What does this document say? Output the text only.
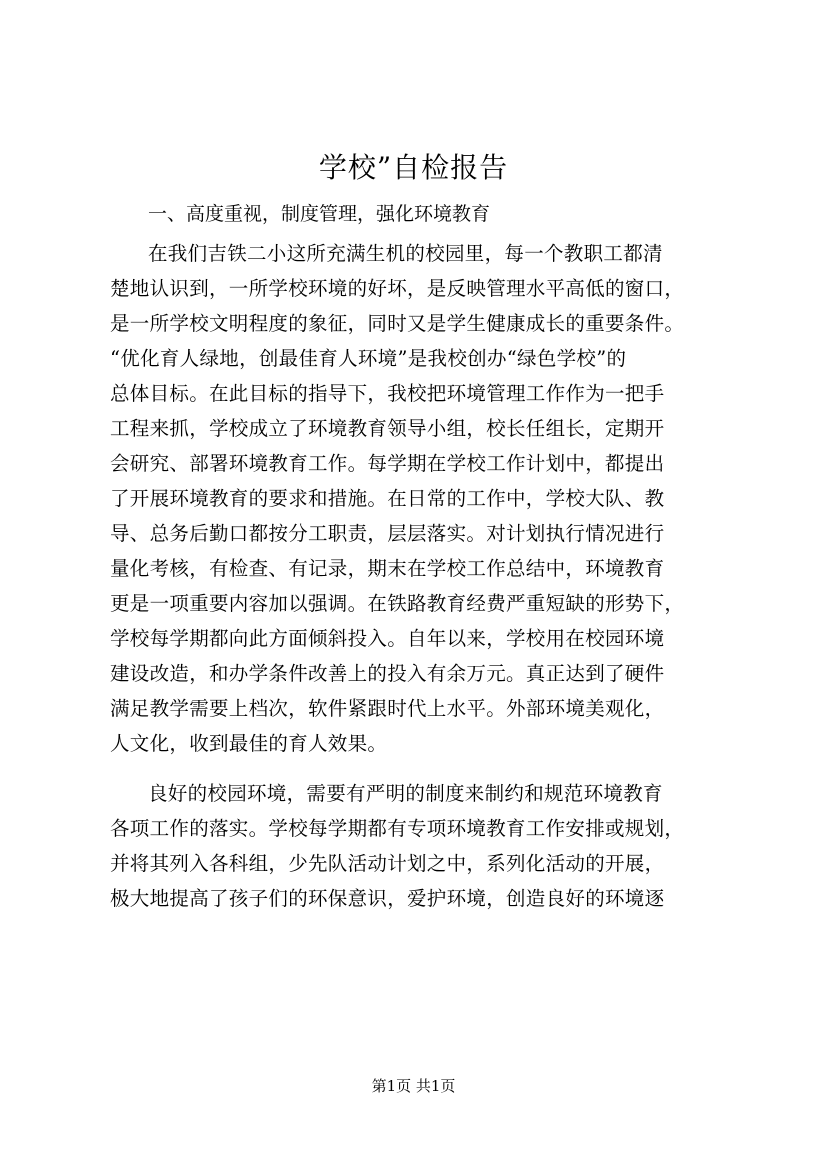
学校”自检报告
一、高度重视，制度管理，强化环境教育
在我们吉铁二小这所充满生机的校园里，每一个教职工都清
楚地认识到，一所学校环境的好坏，是反映管理水平高低的窗口，
是一所学校文明程度的象征，同时又是学生健康成长的重要条件。
“优化育人绿地，创最佳育人环境”是我校创办“绿色学校”的
总体目标。在此目标的指导下，我校把环境管理工作作为一把手
工程来抓，学校成立了环境教育领导小组，校长任组长，定期开
会研究、部署环境教育工作。每学期在学校工作计划中，都提出
了开展环境教育的要求和措施。在日常的工作中，学校大队、教
导、总务后勤口都按分工职责，层层落实。对计划执行情况进行
量化考核，有检查、有记录，期末在学校工作总结中，环境教育
更是一项重要内容加以强调。在铁路教育经费严重短缺的形势下，
学校每学期都向此方面倾斜投入。自年以来，学校用在校园环境
建设改造，和办学条件改善上的投入有余万元。真正达到了硬件
满足教学需要上档次，软件紧跟时代上水平。外部环境美观化，
人文化，收到最佳的育人效果。
良好的校园环境，需要有严明的制度来制约和规范环境教育
各项工作的落实。学校每学期都有专项环境教育工作安排或规划，
并将其列入各科组，少先队活动计划之中，系列化活动的开展，
极大地提高了孩子们的环保意识，爱护环境，创造良好的环境逐
第1页 共1页
